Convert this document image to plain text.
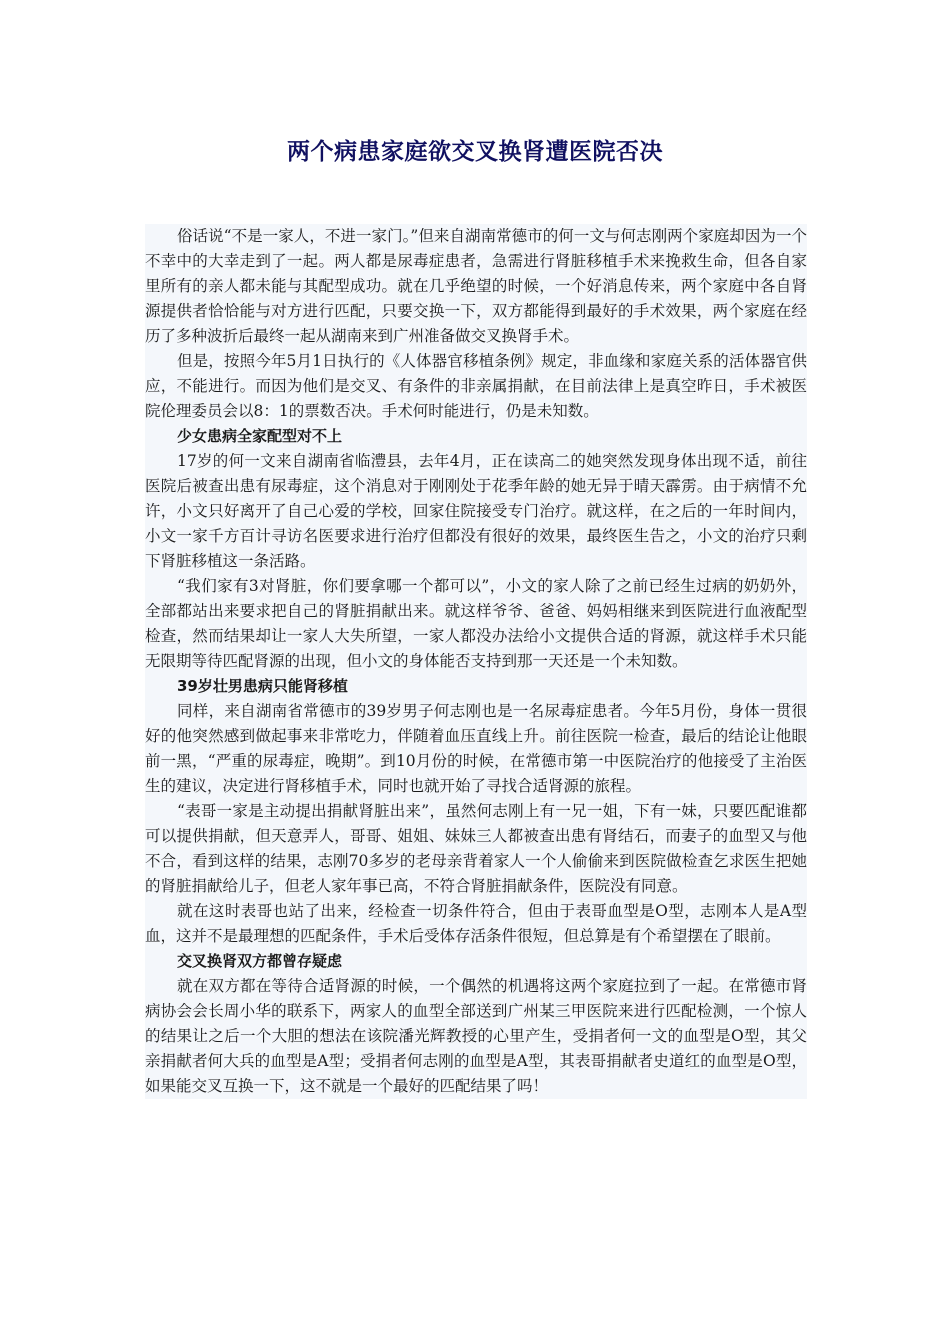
两个病患家庭欲交叉换肾遭医院否决

俗话说“不是一家人，不进一家门。”但来自湖南常德市的何一文与何志刚两个家庭却因为一个不幸中的大幸走到了一起。两人都是尿毒症患者，急需进行肾脏移植手术来挽救生命，但各自家里所有的亲人都未能与其配型成功。就在几乎绝望的时候，一个好消息传来，两个家庭中各自肾源提供者恰恰能与对方进行匹配，只要交换一下，双方都能得到最好的手术效果，两个家庭在经历了多种波折后最终一起从湖南来到广州准备做交叉换肾手术。

但是，按照今年5月1日执行的《人体器官移植条例》规定，非血缘和家庭关系的活体器官供应，不能进行。而因为他们是交叉、有条件的非亲属捐献，在目前法律上是真空昨日，手术被医院伦理委员会以8：1的票数否决。手术何时能进行，仍是未知数。

少女患病全家配型对不上

17岁的何一文来自湖南省临澧县，去年4月，正在读高二的她突然发现身体出现不适，前往医院后被查出患有尿毒症，这个消息对于刚刚处于花季年龄的她无异于晴天霹雳。由于病情不允许，小文只好离开了自己心爱的学校，回家住院接受专门治疗。就这样，在之后的一年时间内，小文一家千方百计寻访名医要求进行治疗但都没有很好的效果，最终医生告之，小文的治疗只剩下肾脏移植这一条活路。

“我们家有3对肾脏，你们要拿哪一个都可以”，小文的家人除了之前已经生过病的奶奶外，全部都站出来要求把自己的肾脏捐献出来。就这样爷爷、爸爸、妈妈相继来到医院进行血液配型检查，然而结果却让一家人大失所望，一家人都没办法给小文提供合适的肾源，就这样手术只能无限期等待匹配肾源的出现，但小文的身体能否支持到那一天还是一个未知数。

39岁壮男患病只能肾移植

同样，来自湖南省常德市的39岁男子何志刚也是一名尿毒症患者。今年5月份，身体一贯很好的他突然感到做起事来非常吃力，伴随着血压直线上升。前往医院一检查，最后的结论让他眼前一黑，“严重的尿毒症，晚期”。到10月份的时候，在常德市第一中医院治疗的他接受了主治医生的建议，决定进行肾移植手术，同时也就开始了寻找合适肾源的旅程。

“表哥一家是主动提出捐献肾脏出来”，虽然何志刚上有一兄一姐，下有一妹，只要匹配谁都可以提供捐献，但天意弄人，哥哥、姐姐、妹妹三人都被查出患有肾结石，而妻子的血型又与他不合，看到这样的结果，志刚70多岁的老母亲背着家人一个人偷偷来到医院做检查乞求医生把她的肾脏捐献给儿子，但老人家年事已高，不符合肾脏捐献条件，医院没有同意。

就在这时表哥也站了出来，经检查一切条件符合，但由于表哥血型是O型，志刚本人是A型血，这并不是最理想的匹配条件，手术后受体存活条件很短，但总算是有个希望摆在了眼前。

交叉换肾双方都曾存疑虑

就在双方都在等待合适肾源的时候，一个偶然的机遇将这两个家庭拉到了一起。在常德市肾病协会会长周小华的联系下，两家人的血型全部送到广州某三甲医院来进行匹配检测，一个惊人的结果让之后一个大胆的想法在该院潘光辉教授的心里产生，受捐者何一文的血型是O型，其父亲捐献者何大兵的血型是A型；受捐者何志刚的血型是A型，其表哥捐献者史道红的血型是O型，如果能交叉互换一下，这不就是一个最好的匹配结果了吗！
